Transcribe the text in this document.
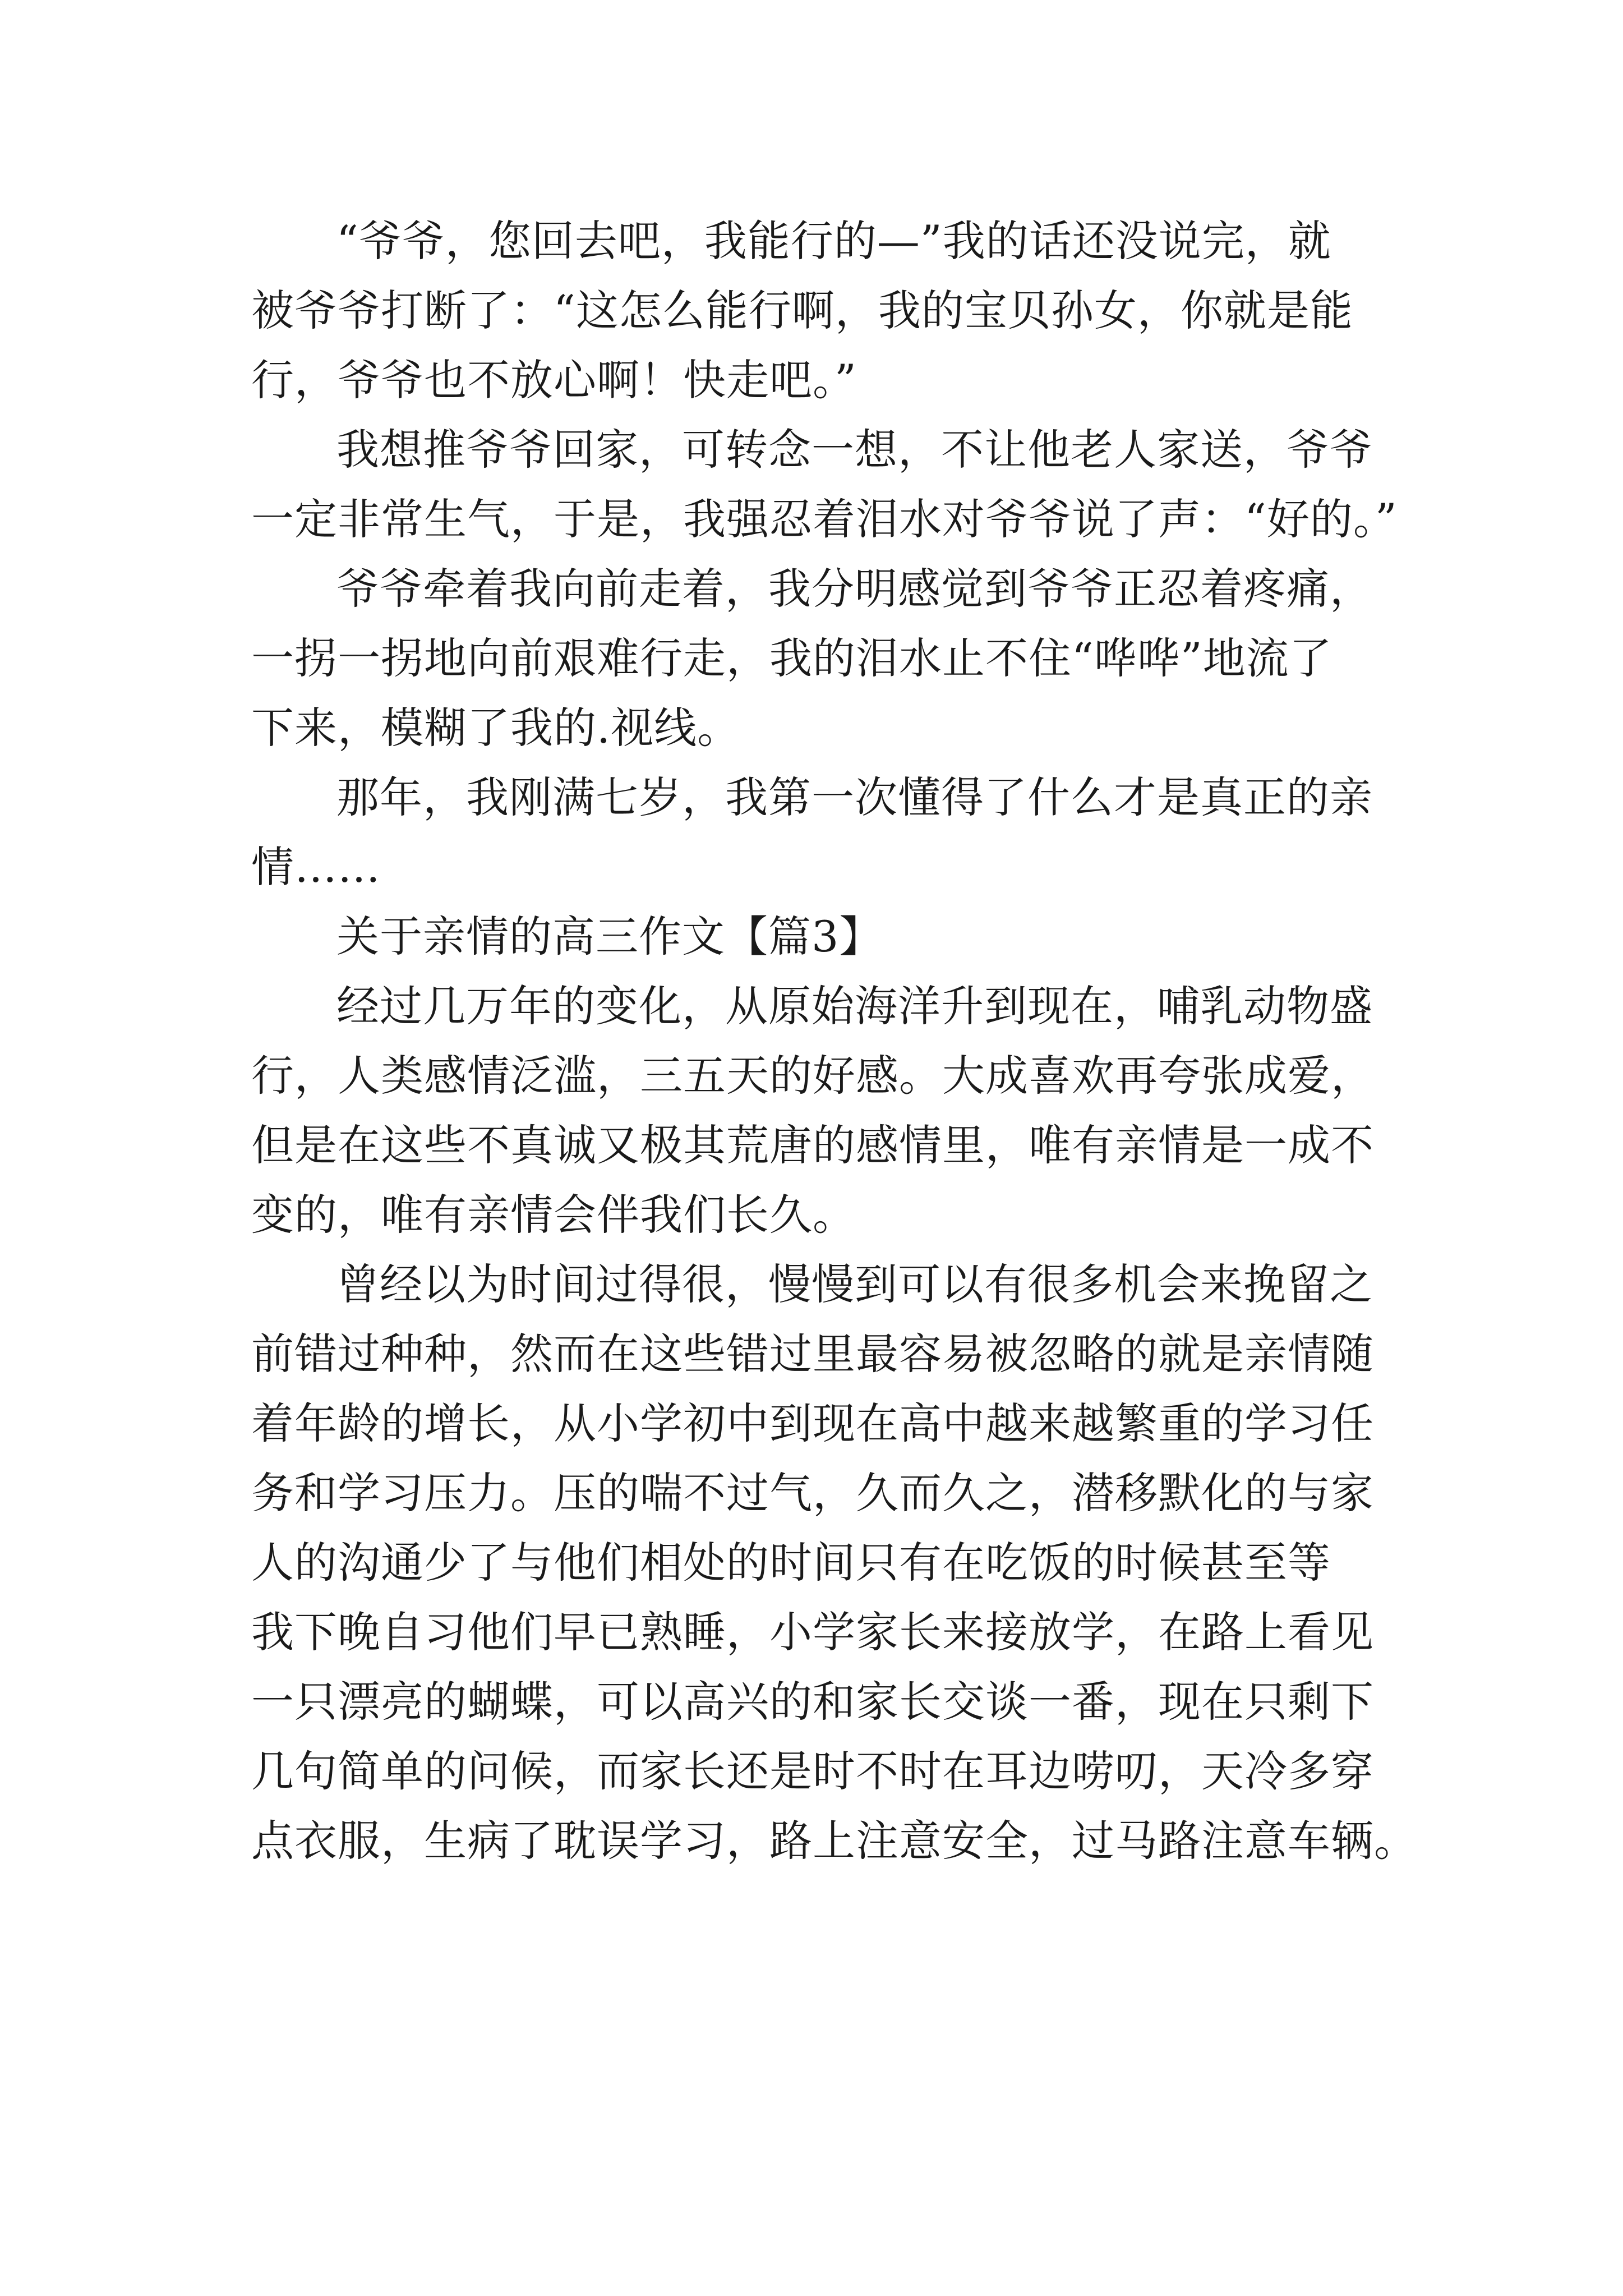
“爷爷，您回去吧，我能行的—”我的话还没说完，就
被爷爷打断了：“这怎么能行啊，我的宝贝孙女，你就是能
行，爷爷也不放心啊！快走吧。”
我想推爷爷回家，可转念一想，不让他老人家送，爷爷
一定非常生气，于是，我强忍着泪水对爷爷说了声：“好的。”
爷爷牵着我向前走着，我分明感觉到爷爷正忍着疼痛，
一拐一拐地向前艰难行走，我的泪水止不住“哗哗”地流了
下来，模糊了我的.视线。
那年，我刚满七岁，我第一次懂得了什么才是真正的亲
情……
关于亲情的高三作文【篇3】
经过几万年的变化，从原始海洋升到现在，哺乳动物盛
行，人类感情泛滥，三五天的好感。大成喜欢再夸张成爱，
但是在这些不真诚又极其荒唐的感情里，唯有亲情是一成不
变的，唯有亲情会伴我们长久。
曾经以为时间过得很，慢慢到可以有很多机会来挽留之
前错过种种，然而在这些错过里最容易被忽略的就是亲情随
着年龄的增长，从小学初中到现在高中越来越繁重的学习任
务和学习压力。压的喘不过气，久而久之，潜移默化的与家
人的沟通少了与他们相处的时间只有在吃饭的时候甚至等
我下晚自习他们早已熟睡，小学家长来接放学，在路上看见
一只漂亮的蝴蝶，可以高兴的和家长交谈一番，现在只剩下
几句简单的问候，而家长还是时不时在耳边唠叨，天冷多穿
点衣服，生病了耽误学习，路上注意安全，过马路注意车辆。
